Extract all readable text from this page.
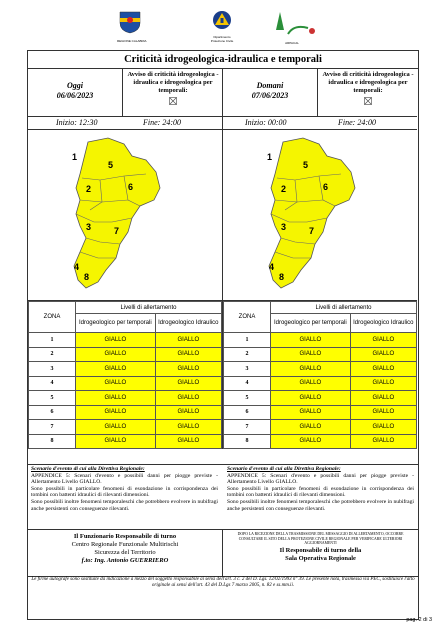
REGIONE CALABRIA
Dipartimento
Protezione Civile	ARPACAL
Criticità idrogeologica-idraulica e temporali
Oggi
06/06/2023
Avviso di criticità idrogeologica - idraulica e idrogeologica per temporali:
Inizio: 12:30	Fine: 24:00
1
2
3
4
5
6
7
8
ZONA	Livelli di allertamento	
	Idrogeologico per temporali	Idrogeologico Idraulico
1	GIALLO	GIALLO
2	GIALLO	GIALLO
3	GIALLO	GIALLO
4	GIALLO	GIALLO
5	GIALLO	GIALLO
6	GIALLO	GIALLO
7	GIALLO	GIALLO
8	GIALLO	GIALLO
Domani
07/06/2023
Avviso di criticità idrogeologica - idraulica e idrogeologica per temporali:
Inizio: 00:00	Fine: 24:00
1
2
3
4
5
6
7
8
ZONA	Livelli di allertamento	
	Idrogeologico per temporali	Idrogeologico Idraulico
1	GIALLO	GIALLO
2	GIALLO	GIALLO
3	GIALLO	GIALLO
4	GIALLO	GIALLO
5	GIALLO	GIALLO
6	GIALLO	GIALLO
7	GIALLO	GIALLO
8	GIALLO	GIALLO
Scenario d'evento di cui alla Direttiva Regionale:
APPENDICE 5: Scenari d'evento e possibili danni per piogge previste - Allertamento Livello GIALLO.
Sono possibili in particolare fenomeni di esondazione in corrispondenza dei tombini con battenti idraulici di rilevanti dimensioni.
Sono possibili inoltre fenomeni temporaleschi che potrebbero evolvere in nubifragi anche persistenti con conseguenze rilevanti.
Scenario d'evento di cui alla Direttiva Regionale:
APPENDICE 5: Scenari d'evento e possibili danni per piogge previste - Allertamento Livello GIALLO.
Sono possibili in particolare fenomeni di esondazione in corrispondenza dei tombini con battenti idraulici di rilevanti dimensioni.
Sono possibili inoltre fenomeni temporaleschi che potrebbero evolvere in nubifragi anche persistenti con conseguenze rilevanti.
Il Funzionario Responsabile di turno
Centro Regionale Funzionale Multirischi
Sicurezza del Territorio
f.to: Ing. Antonio GUERRIERO
DOPO LA RICEZIONE DELLA TRASMISSIONE DEL MESSAGGIO DI ALLERTAMENTO, OCCORRE CONSULTARE IL SITO DELLA PROTEZIONE CIVILE REGIONALE PER VERIFICARE ULTERIORI AGGIORNAMENTI
Il Responsabile di turno della
Sala Operativa Regionale
Le firme autografe sono sostituite da indicazione a mezzo del soggetto responsabile ai sensi dell'art. 3 c. 2 del D. Lgs. 12/02/1993 n° 39. Le presente nota, trasmessa via PEC, sostituisce l'atto originale ai sensi dell'art. 43 del D.Lgs 7 marzo 2005, n. 82 e ss.mm.ii.
pag. 2 di 3
